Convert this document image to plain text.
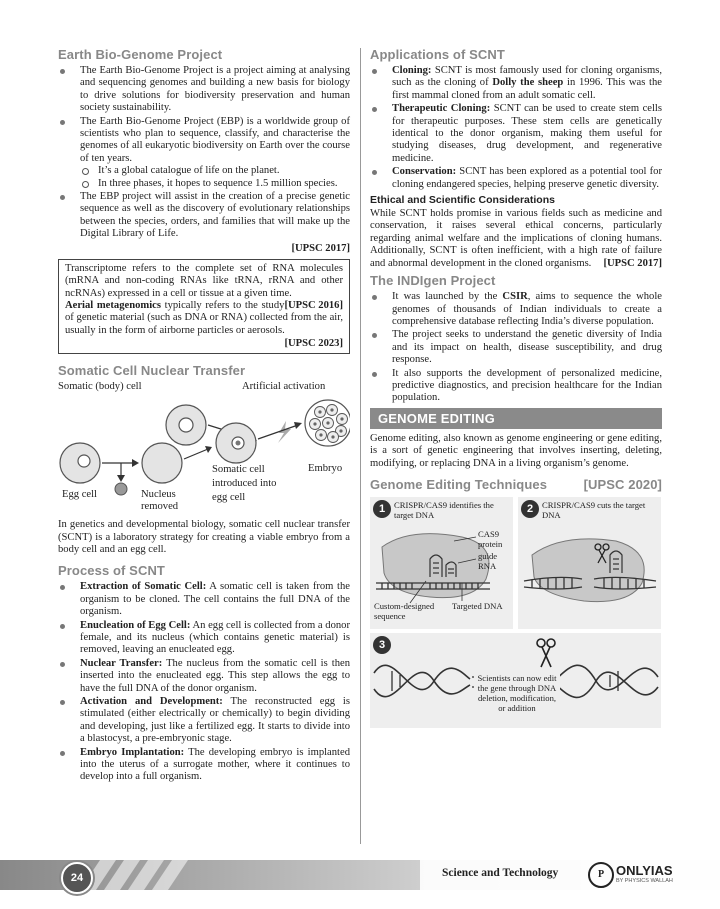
Earth Bio-Genome Project
The Earth Bio-Genome Project is a project aiming at analysing and sequencing genomes and building a new basis for biology to drive solutions for biodiversity preservation and human society sustainability.
The Earth Bio-Genome Project (EBP) is a worldwide group of scientists who plan to sequence, classify, and characterise the genomes of all eukaryotic biodiversity on Earth over the course of ten years.
It’s a global catalogue of life on the planet.
In three phases, it hopes to sequence 1.5 million species.
The EBP project will assist in the creation of a precise genetic sequence as well as the discovery of evolutionary relationships between the species, orders, and families that will make up the Digital Library of Life.
[UPSC 2017]

Transcriptome refers to the complete set of RNA molecules (mRNA and non-coding RNAs like tRNA, rRNA and other ncRNAs) expressed in a cell or tissue at a given time.
[UPSC 2016]

Aerial metagenomics typically refers to the study of genetic material (such as DNA or RNA) collected from the air, usually in the form of airborne particles or aerosols.

[UPSC 2023]
Somatic Cell Nuclear Transfer
Somatic (body) cell	Artificial activation
Egg cell	Nucleus removed
Somatic cell introduced into egg cell
Embryo

In genetics and developmental biology, somatic cell nuclear transfer (SCNT) is a laboratory strategy for creating a viable embryo from a body cell and an egg cell.

Process of SCNT
Extraction of Somatic Cell: A somatic cell is taken from the organism to be cloned. The cell contains the full DNA of the organism.
Enucleation of Egg Cell: An egg cell is collected from a donor female, and its nucleus (which contains genetic material) is removed, leaving an enucleated egg.
Nuclear Transfer: The nucleus from the somatic cell is then inserted into the enucleated egg. This step allows the egg to have the full DNA of the donor organism.
Activation and Development: The reconstructed egg is stimulated (either electrically or chemically) to begin dividing and developing, just like a fertilized egg. It starts to divide into a blastocyst, a pre-embryonic stage.
Embryo Implantation: The developing embryo is implanted into the uterus of a surrogate mother, where it continues to develop into a full organism.
Applications of SCNT
Cloning: SCNT is most famously used for cloning organisms, such as the cloning of Dolly the sheep in 1996. This was the first mammal cloned from an adult somatic cell.
Therapeutic Cloning: SCNT can be used to create stem cells for therapeutic purposes. These stem cells are genetically identical to the donor organism, making them useful for studying diseases, drug development, and regenerative medicine.
Conservation: SCNT has been explored as a potential tool for cloning endangered species, helping preserve genetic diversity.
Ethical and Scientific Considerations

While SCNT holds promise in various fields such as medicine and conservation, it raises several ethical concerns, particularly regarding animal welfare and the implications of cloning humans. Additionally, SCNT is often inefficient, with a high rate of failure and abnormal development in the cloned organisms. [UPSC 2017]

The INDIgen Project
It was launched by the CSIR, aims to sequence the whole genomes of thousands of Indian individuals to create a comprehensive database reflecting India’s diverse population.
The project seeks to understand the genetic diversity of India and its impact on health, disease susceptibility, and drug response.
It also supports the development of personalized medicine, predictive diagnostics, and precision healthcare for the Indian population.
GENOME EDITING

Genome editing, also known as genome engineering or gene editing, is a sort of genetic engineering that involves inserting, deleting, modifying, or replacing DNA in a living organism’s genome.

Genome Editing Techniques	[UPSC 2020]
1	CRISPR/CAS9 identifies the target DNA
CAS9 protein
guide RNA
Custom-designed sequence
Targeted DNA
2	CRISPR/CAS9 cuts the target DNA
3
Scientists can now edit the gene through DNA deletion, modification, or addition
24	Science and Technology	P ONLYIAS
BY PHYSICS WALLAH
